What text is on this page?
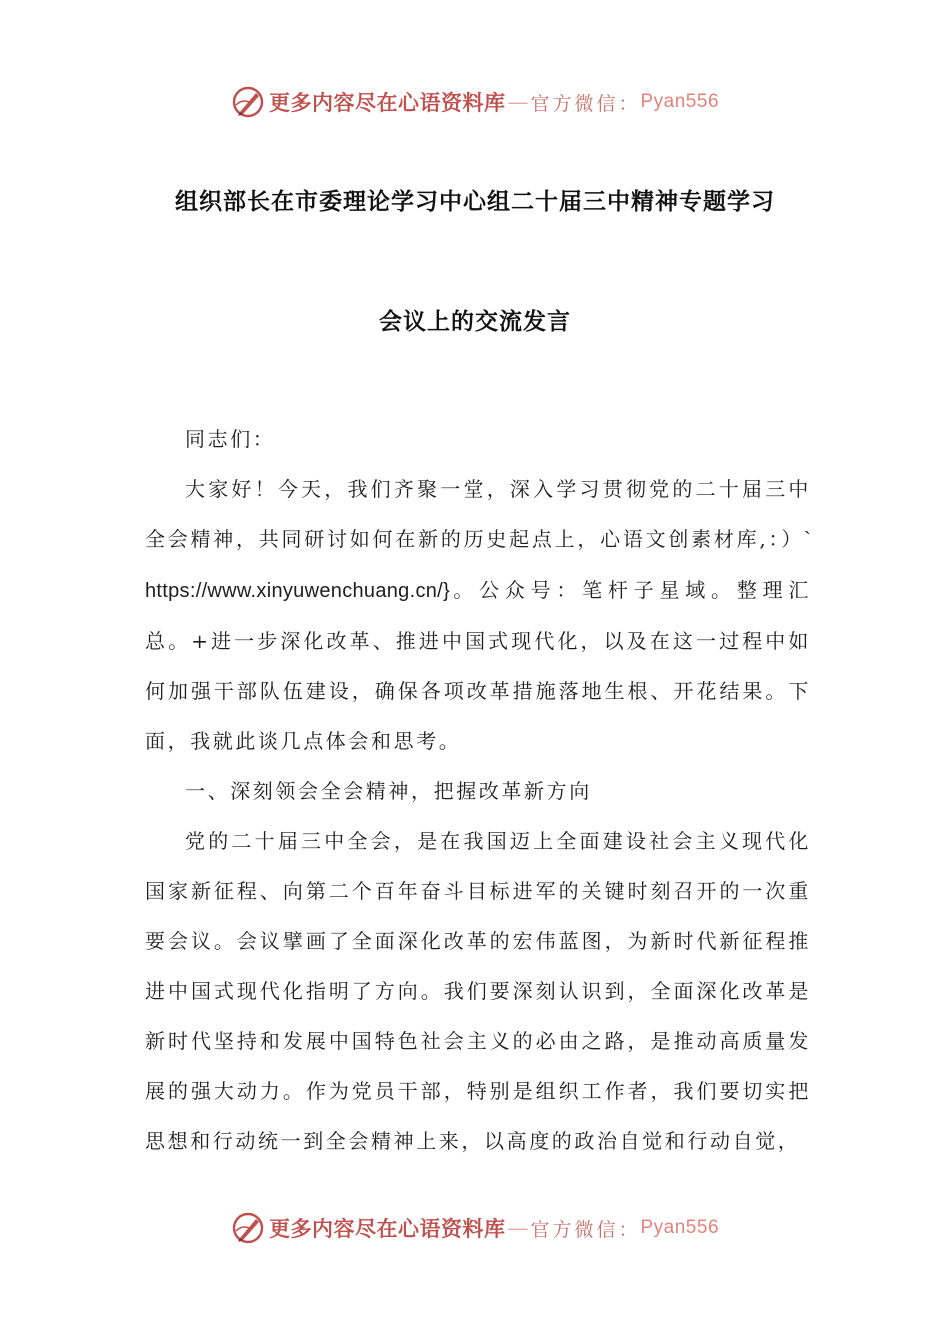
更多内容尽在心语资料库 — 官方微信： Pyan556
组织部长在市委理论学习中心组二十届三中精神专题学习
会议上的交流发言

同志们：

大家好！今天，我们齐聚一堂，深入学习贯彻党的二十届三中全会精神，共同研讨如何在新的历史起点上，心语文创素材库,：）`https://www.xinyuwenchuang.cn/}。公众号：笔杆子星域。整理汇总。+进一步深化改革、推进中国式现代化，以及在这一过程中如何加强干部队伍建设，确保各项改革措施落地生根、开花结果。下面，我就此谈几点体会和思考。

一、深刻领会全会精神，把握改革新方向

党的二十届三中全会，是在我国迈上全面建设社会主义现代化国家新征程、向第二个百年奋斗目标进军的关键时刻召开的一次重要会议。会议擘画了全面深化改革的宏伟蓝图，为新时代新征程推进中国式现代化指明了方向。我们要深刻认识到，全面深化改革是新时代坚持和发展中国特色社会主义的必由之路，是推动高质量发展的强大动力。作为党员干部，特别是组织工作者，我们要切实把思想和行动统一到全会精神上来，以高度的政治自觉和行动自觉，

更多内容尽在心语资料库 — 官方微信： Pyan556
